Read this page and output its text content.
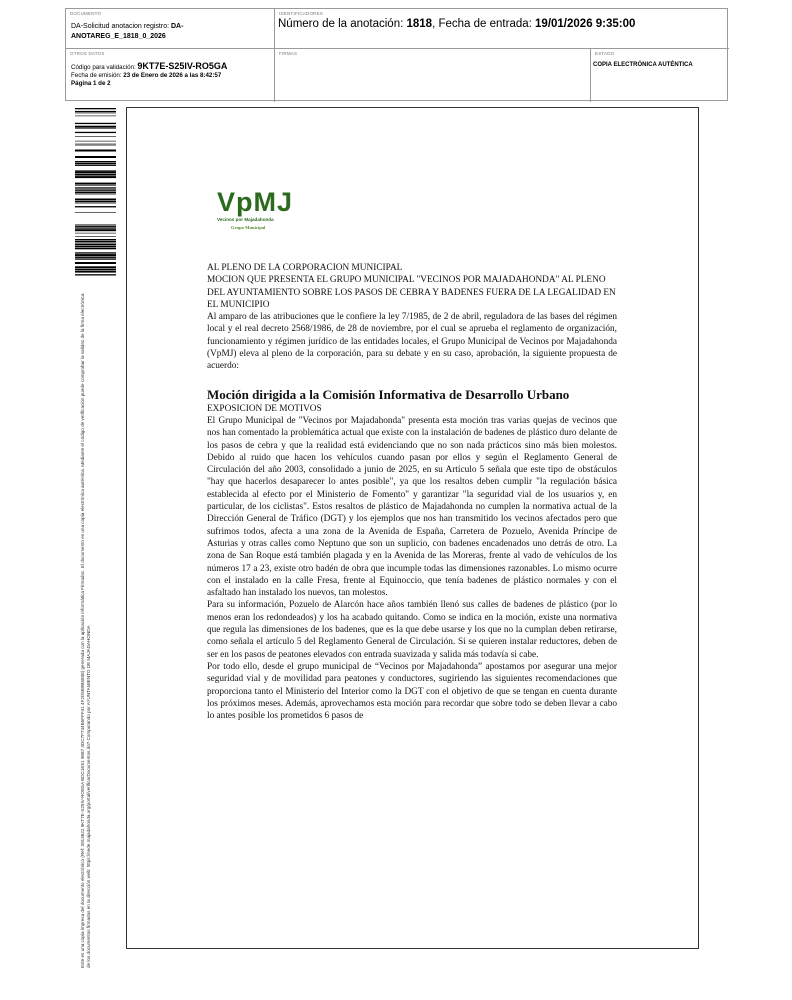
DOCUMENTO
DA-Solicitud anotacion registro: DA-ANOTAREG_E_1818_0_2026
IDENTIFICADORES
Número de la anotación: 1818, Fecha de entrada: 19/01/2026 9:35:00
OTROS DATOS
Código para validación: 9KT7E-S25IV-RO5GA
Fecha de emisión: 23 de Enero de 2026 a las 8:42:57
Página 1 de 2
FIRMAS	ESTADO
COPIA ELECTRÓNICA AUTÉNTICA
Este es una copia impresa del documento electrónico (Ref: 3914622 9KT7E-S25IV-RO5GA BDC1E51 9887 4DC7F744B5FFF41 4F2D5B9B5808) generada con la aplicación informática Firmadoc. El documento es una copia electrónica auténtica. Mediante el código de verificación puede comprobar la validez de la firma electrónica de los documentos firmados en la dirección web: https://sede.majadahonda.org/portal/verificarDocumentos.do? Computando por AYUNTAMIENTO DE MAJADAHONDA
VpMJ
Vecinos por Majadahonda
Grupo Municipal

AL PLENO DE LA CORPORACION MUNICIPAL

MOCION QUE PRESENTA EL GRUPO MUNICIPAL "VECINOS POR MAJADAHONDA" AL PLENO DEL AYUNTAMIENTO SOBRE LOS PASOS DE CEBRA Y BADENES FUERA DE LA LEGALIDAD EN EL MUNICIPIO

Al amparo de las atribuciones que le confiere la ley 7/1985, de 2 de abril, reguladora de las bases del régimen local y el real decreto 2568/1986, de 28 de noviembre, por el cual se aprueba el reglamento de organización, funcionamiento y régimen jurídico de las entidades locales, el Grupo Municipal de Vecinos por Majadahonda (VpMJ) eleva al pleno de la corporación, para su debate y en su caso, aprobación, la siguiente propuesta de acuerdo:

Moción dirigida a la Comisión Informativa de Desarrollo Urbano

EXPOSICION DE MOTIVOS

El Grupo Municipal de "Vecinos por Majadahonda" presenta esta moción tras varias quejas de vecinos que nos han comentado la problemática actual que existe con la instalación de badenes de plástico duro delante de los pasos de cebra y que la realidad está evidenciando que no son nada prácticos sino más bien molestos. Debido al ruido que hacen los vehículos cuando pasan por ellos y según el Reglamento General de Circulación del año 2003, consolidado a junio de 2025, en su Artículo 5 señala que este tipo de obstáculos "hay que hacerlos desaparecer lo antes posible", ya que los resaltos deben cumplir "la regulación básica establecida al efecto por el Ministerio de Fomento" y garantizar "la seguridad vial de los usuarios y, en particular, de los ciclistas". Estos resaltos de plástico de Majadahonda no cumplen la normativa actual de la Dirección General de Tráfico (DGT) y los ejemplos que nos han transmitido los vecinos afectados pero que sufrimos todos, afecta a una zona de la Avenida de España, Carretera de Pozuelo, Avenida Príncipe de Asturias y otras calles como Neptuno que son un suplicio, con badenes encadenados uno detrás de otro. La zona de San Roque está también plagada y en la Avenida de las Moreras, frente al vado de vehículos de los números 17 a 23, existe otro badén de obra que incumple todas las dimensiones razonables. Lo mismo ocurre con el instalado en la calle Fresa, frente al Equinoccio, que tenía badenes de plástico normales y con el asfaltado han instalado los nuevos, tan molestos.

Para su información, Pozuelo de Alarcón hace años también llenó sus calles de badenes de plástico (por lo menos eran los redondeados) y los ha acabado quitando. Como se indica en la moción, existe una normativa que regula las dimensiones de los badenes, que es la que debe usarse y los que no la cumplan deben retirarse, como señala el artículo 5 del Reglamento General de Circulación. Si se quieren instalar reductores, deben de ser en los pasos de peatones elevados con entrada suavizada y salida más todavía si cabe.

Por todo ello, desde el grupo municipal de “Vecinos por Majadahonda” apostamos por asegurar una mejor seguridad vial y de movilidad para peatones y conductores, sugiriendo las siguientes recomendaciones que proporciona tanto el Ministerio del Interior como la DGT con el objetivo de que se tengan en cuenta durante los próximos meses. Además, aprovechamos esta moción para recordar que sobre todo se deben llevar a cabo lo antes posible los prometidos 6 pasos de
